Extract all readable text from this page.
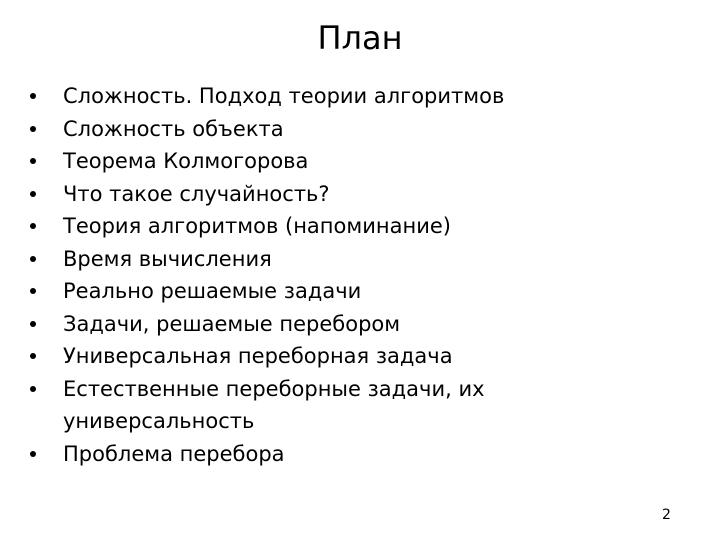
План
Сложность. Подход теории алгоритмов
Сложность объекта
Теорема Колмогорова
Что такое случайность?
Теория алгоритмов (напоминание)
Время вычисления
Реально решаемые задачи
Задачи, решаемые перебором
Универсальная переборная задача
Естественные переборные задачи, их универсальность
Проблема перебора
2
